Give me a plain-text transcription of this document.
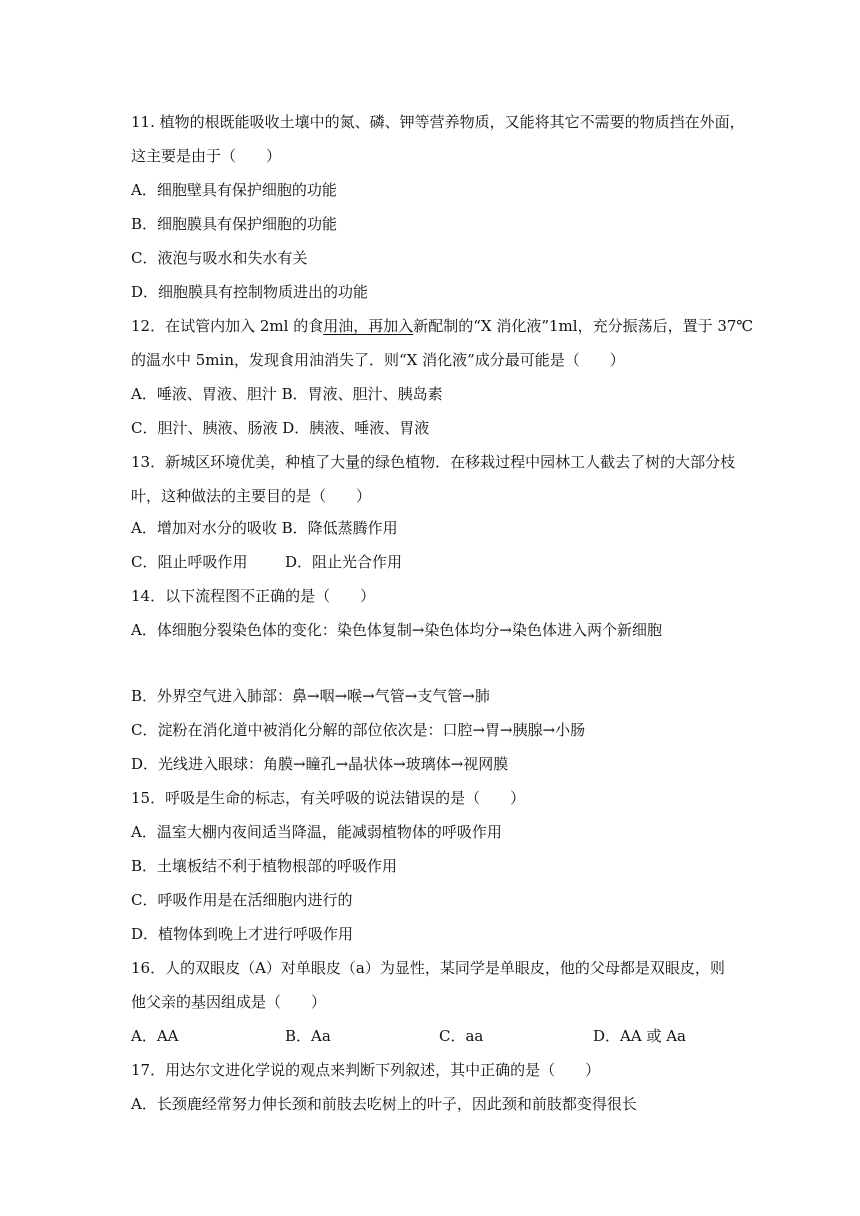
11. 植物的根既能吸收土壤中的氮、磷、钾等营养物质，又能将其它不需要的物质挡在外面，
这主要是由于（　　）
A．细胞壁具有保护细胞的功能
B．细胞膜具有保护细胞的功能
C．液泡与吸水和失水有关
D．细胞膜具有控制物质进出的功能
12．在试管内加入 2ml 的食用油，再加入新配制的“X 消化液”1ml，充分振荡后，置于 37℃
的温水中 5min，发现食用油消失了．则“X 消化液”成分最可能是（　　）
A．唾液、胃液、胆汁 B．胃液、胆汁、胰岛素
C．胆汁、胰液、肠液 D．胰液、唾液、胃液
13．新城区环境优美，种植了大量的绿色植物．在移栽过程中园林工人截去了树的大部分枝
叶，这种做法的主要目的是（　　）
A．增加对水分的吸收 B．降低蒸腾作用
C．阻止呼吸作用	D．阻止光合作用
14．以下流程图不正确的是（　　）
A．体细胞分裂染色体的变化：染色体复制→染色体均分→染色体进入两个新细胞
B．外界空气进入肺部：鼻→咽→喉→气管→支气管→肺
C．淀粉在消化道中被消化分解的部位依次是：口腔→胃→胰腺→小肠
D．光线进入眼球：角膜→瞳孔→晶状体→玻璃体→视网膜
15．呼吸是生命的标志，有关呼吸的说法错误的是（　　）
A．温室大棚内夜间适当降温，能减弱植物体的呼吸作用
B．土壤板结不利于植物根部的呼吸作用
C．呼吸作用是在活细胞内进行的
D．植物体到晚上才进行呼吸作用
16．人的双眼皮（A）对单眼皮（a）为显性，某同学是单眼皮，他的父母都是双眼皮，则
他父亲的基因组成是（　　）
A．AA	B．Aa	C．aa	D．AA 或 Aa
17．用达尔文进化学说的观点来判断下列叙述，其中正确的是（　　）
A．长颈鹿经常努力伸长颈和前肢去吃树上的叶子，因此颈和前肢都变得很长
